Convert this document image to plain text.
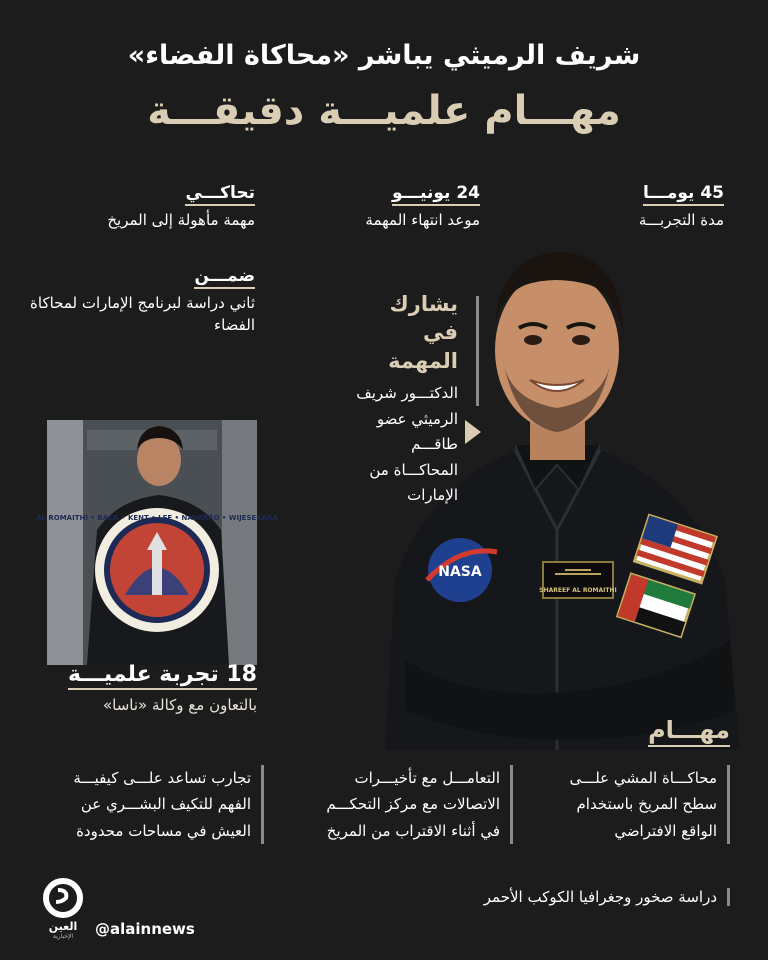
شريف الرميثي يباشر «محاكاة الفضاء»
مهـــام علميـــة دقيقـــة
45 يومـــا
مدة التجربـــة
24 يونيـــو
موعد انتهاء المهمة
تحاكـــي
مهمة مأهولة إلى المريخ
ضمـــن
ثاني دراسة لبرنامج الإمارات لمحاكاة الفضاء
NASA
SHAREEF AL ROMAITHI
يشارك في المهمة
الدكتـــور شريف الرميثي عضو طاقـــم المحاكـــاة من الإمارات
AL ROMAITHI • BACA • KENT • LEE • NAVARRO • WIJESEKARA
18 تجربة علميـــة
بالتعاون مع وكالة «ناسا»
مهـــام
محاكـــاة المشي علـــى سطح المريخ باستخدام الواقع الافتراضي
التعامـــل مع تأخيـــرات الاتصالات مع مركز التحكـــم في أثناء الاقتراب من المريخ
تجارب تساعد علـــى كيفيـــة الفهم للتكيف البشـــري عن العيش في مساحات محدودة
دراسة صخور وجغرافيا الكوكب الأحمر
العين
الإخبارية	@alainnews
